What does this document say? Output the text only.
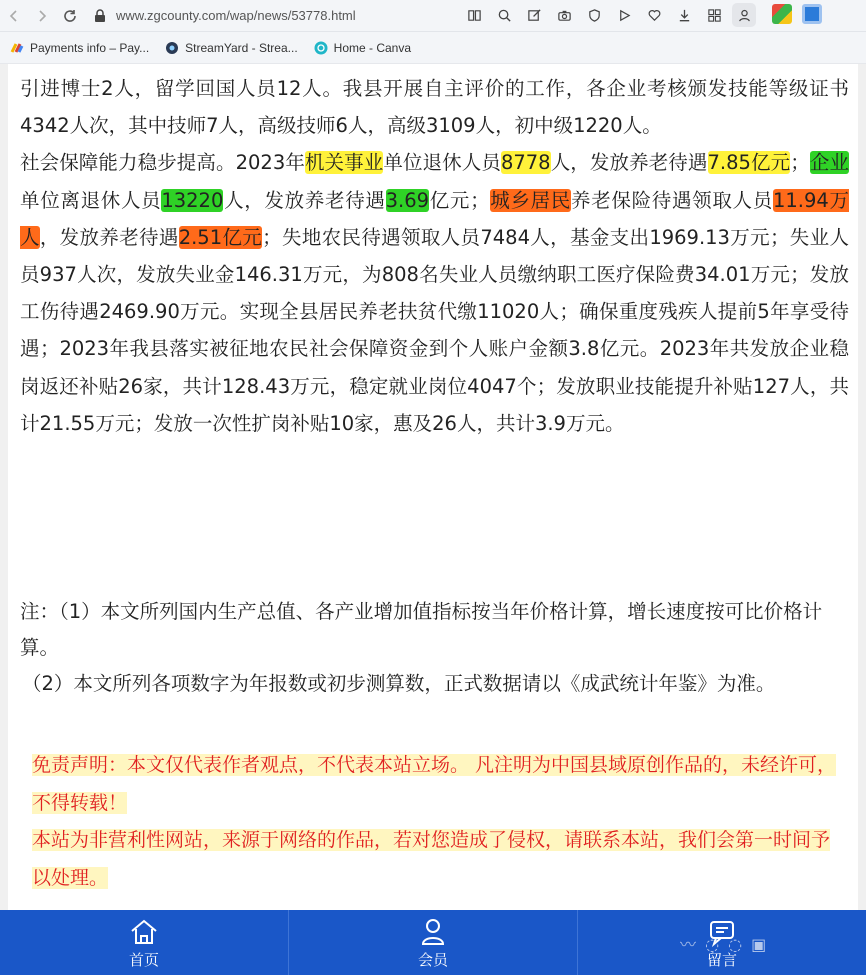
www.zgcounty.com/wap/news/53778.html
Payments info – Pay...	StreamYard - Strea...	Home - Canva

引进博士2人，留学回国人员12人。我县开展自主评价的工作，各企业考核颁发技能等级证书4342人次，其中技师7人，高级技师6人，高级3109人，初中级1220人。

社会保障能力稳步提高。2023年机关事业单位退休人员8778人，发放养老待遇7.85亿元；企业单位离退休人员13220人，发放养老待遇3.69亿元；城乡居民养老保险待遇领取人员11.94万人，发放养老待遇2.51亿元；失地农民待遇领取人员7484人，基金支出1969.13万元；失业人员937人次，发放失业金146.31万元，为808名失业人员缴纳职工医疗保险费34.01万元；发放工伤待遇2469.90万元。实现全县居民养老扶贫代缴11020人；确保重度残疾人提前5年享受待遇；2023年我县落实被征地农民社会保障资金到个人账户金额3.8亿元。2023年共发放企业稳岗返还补贴26家，共计128.43万元，稳定就业岗位4047个；发放职业技能提升补贴127人，共计21.55万元；发放一次性扩岗补贴10家，惠及26人，共计3.9万元。

注：（1）本文所列国内生产总值、各产业增加值指标按当年价格计算，增长速度按可比价格计算。

（2）本文所列各项数字为年报数或初步测算数，正式数据请以《成武统计年鉴》为准。

免责声明：本文仅代表作者观点，不代表本站立场。 凡注明为中国县域原创作品的，未经许可，不得转载！

本站为非营利性网站，来源于网络的作品，若对您造成了侵权，请联系本站，我们会第一时间予以处理。

首页	会员	留言
〰︎ ◌ ◌ ▣
